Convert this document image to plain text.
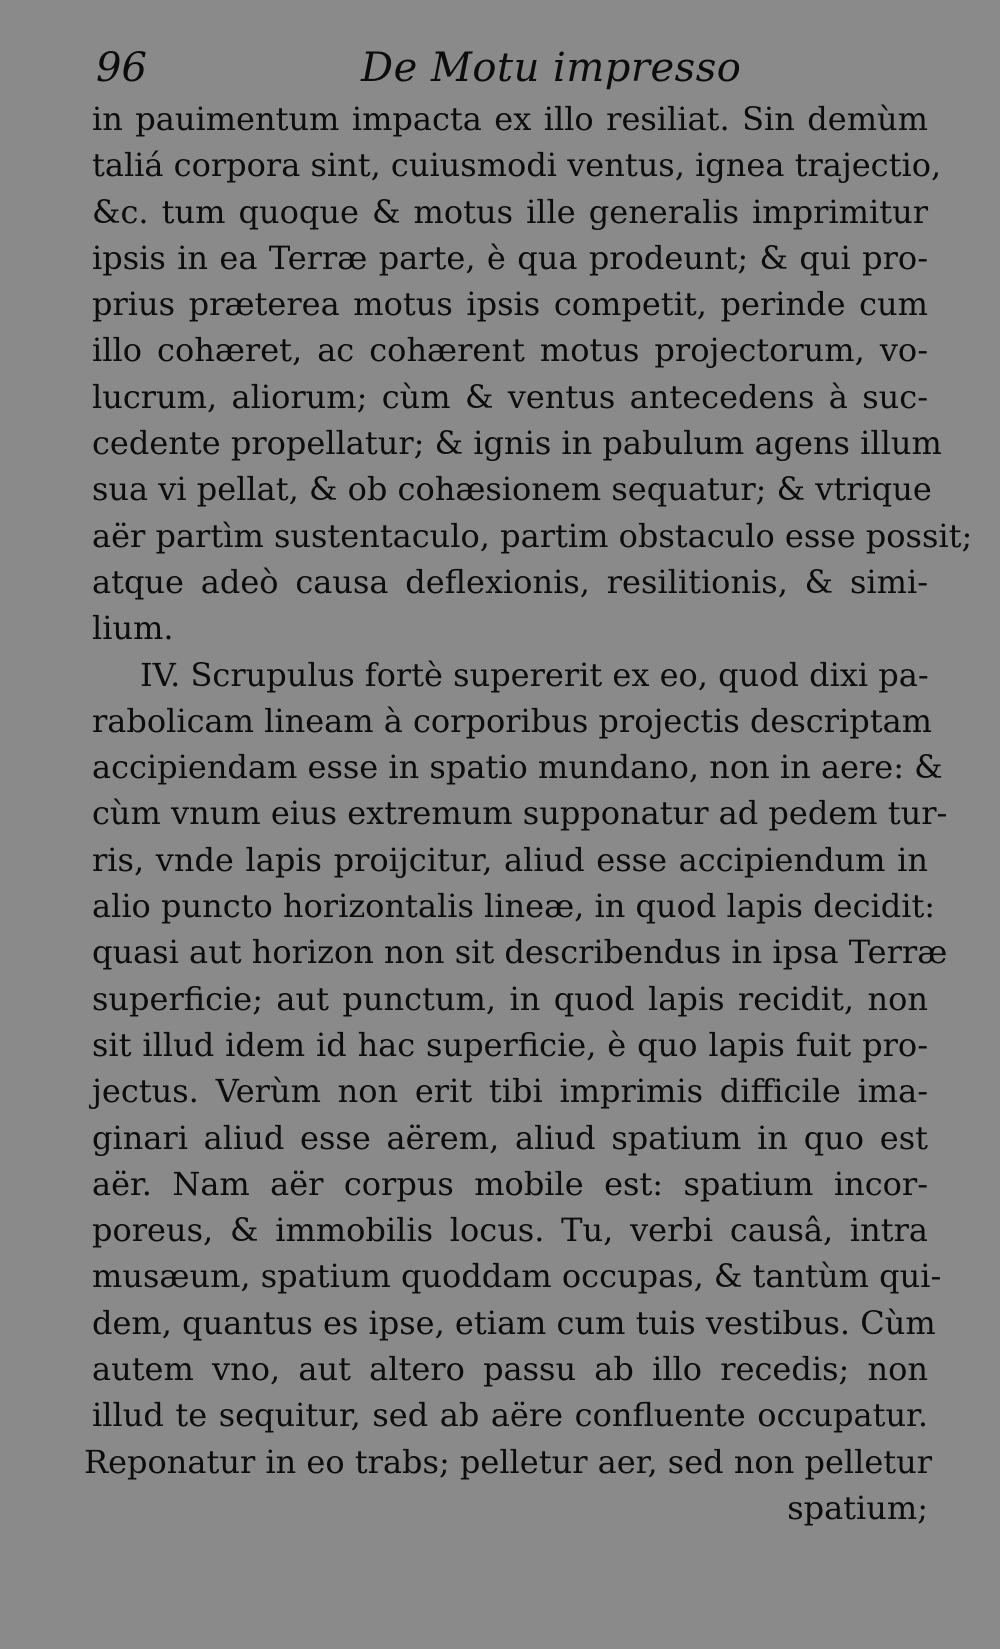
96	De Motu impresso
in pauimentum impacta ex illo resiliat. Sin demùm
taliá corpora sint, cuiusmodi ventus, ignea trajectio,
&c. tum quoque & motus ille generalis imprimitur
ipsis in ea Terræ parte, è qua prodeunt; & qui pro-
prius præterea motus ipsis competit, perinde cum
illo cohæret, ac cohærent motus projectorum, vo-
lucrum, aliorum; cùm & ventus antecedens à suc-
cedente propellatur; & ignis in pabulum agens illum
sua vi pellat, & ob cohæsionem sequatur; & vtrique
aër partìm sustentaculo, partim obstaculo esse possit;
atque adeò causa deflexionis, resilitionis, & simi-
lium.
IV. Scrupulus fortè supererit ex eo, quod dixi pa-
rabolicam lineam à corporibus projectis descriptam
accipiendam esse in spatio mundano, non in aere: &
cùm vnum eius extremum supponatur ad pedem tur-
ris, vnde lapis proijcitur, aliud esse accipiendum in
alio puncto horizontalis lineæ, in quod lapis decidit:
quasi aut horizon non sit describendus in ipsa Terræ
superficie; aut punctum, in quod lapis recidit, non
sit illud idem id hac superficie, è quo lapis fuit pro-
jectus. Verùm non erit tibi imprimis difficile ima-
ginari aliud esse aërem, aliud spatium in quo est
aër. Nam aër corpus mobile est: spatium incor-
poreus, & immobilis locus. Tu, verbi causâ, intra
musæum, spatium quoddam occupas, & tantùm qui-
dem, quantus es ipse, etiam cum tuis vestibus. Cùm
autem vno, aut altero passu ab illo recedis; non
illud te sequitur, sed ab aëre confluente occupatur.
Reponatur in eo trabs; pelletur aer, sed non pelletur
spatium;
